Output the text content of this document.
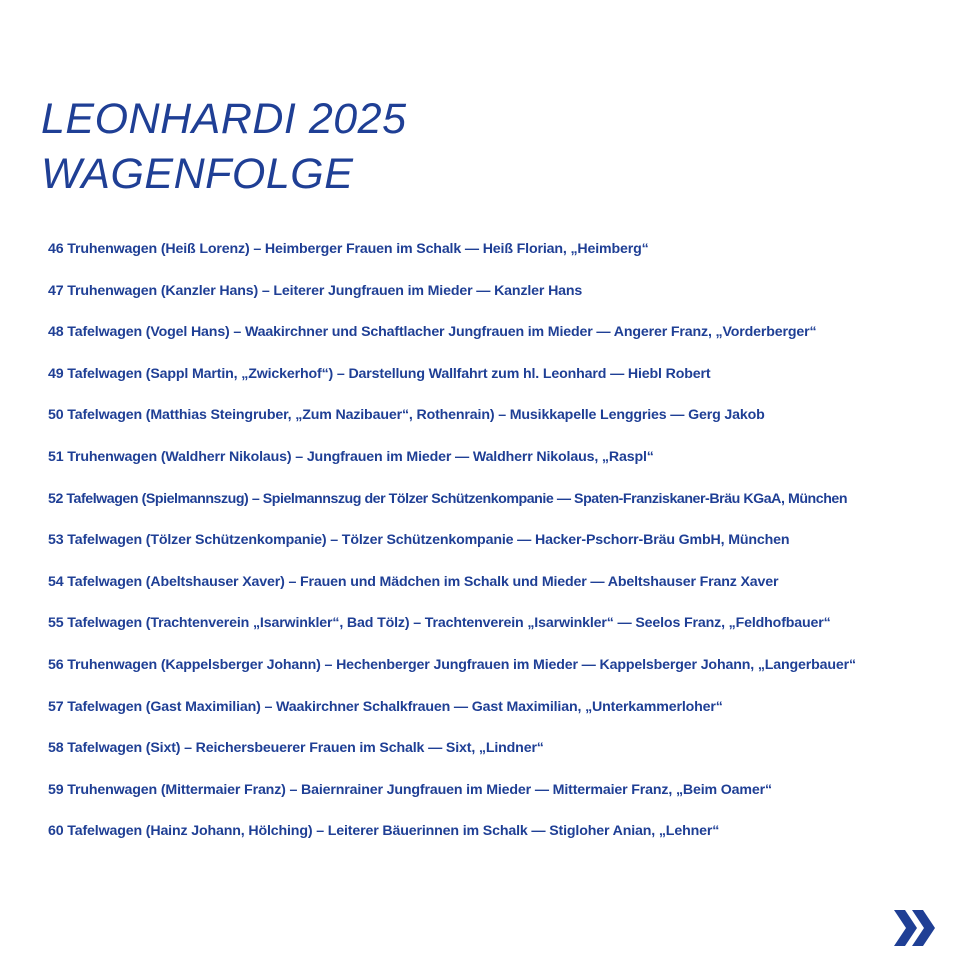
LEONHARDI 2025
WAGENFOLGE
46 Truhenwagen (Heiß Lorenz) – Heimberger Frauen im Schalk — Heiß Florian, „Heimberg“
47 Truhenwagen (Kanzler Hans) – Leiterer Jungfrauen im Mieder — Kanzler Hans
48 Tafelwagen (Vogel Hans) – Waakirchner und Schaftlacher Jungfrauen im Mieder — Angerer Franz, „Vorderberger“
49 Tafelwagen (Sappl Martin, „Zwickerhof“) – Darstellung Wallfahrt zum hl. Leonhard — Hiebl Robert
50 Tafelwagen (Matthias Steingruber, „Zum Nazibauer“, Rothenrain) – Musikkapelle Lenggries — Gerg Jakob
51 Truhenwagen (Waldherr Nikolaus) – Jungfrauen im Mieder — Waldherr Nikolaus, „Raspl“
52 Tafelwagen (Spielmannszug) – Spielmannszug der Tölzer Schützenkompanie — Spaten-Franziskaner-Bräu KGaA, München
53 Tafelwagen (Tölzer Schützenkompanie) – Tölzer Schützenkompanie — Hacker-Pschorr-Bräu GmbH, München
54 Tafelwagen (Abeltshauser Xaver) – Frauen und Mädchen im Schalk und Mieder — Abeltshauser Franz Xaver
55 Tafelwagen (Trachtenverein „Isarwinkler“, Bad Tölz) – Trachtenverein „Isarwinkler“ — Seelos Franz, „Feldhofbauer“
56 Truhenwagen (Kappelsberger Johann) – Hechenberger Jungfrauen im Mieder — Kappelsberger Johann, „Langerbauer“
57 Tafelwagen (Gast Maximilian) – Waakirchner Schalkfrauen — Gast Maximilian, „Unterkammerloher“
58 Tafelwagen (Sixt) – Reichersbeuerer Frauen im Schalk — Sixt, „Lindner“
59 Truhenwagen (Mittermaier Franz) – Baiernrainer Jungfrauen im Mieder — Mittermaier Franz, „Beim Oamer“
60 Tafelwagen (Hainz Johann, Hölching) – Leiterer Bäuerinnen im Schalk — Stigloher Anian, „Lehner“
